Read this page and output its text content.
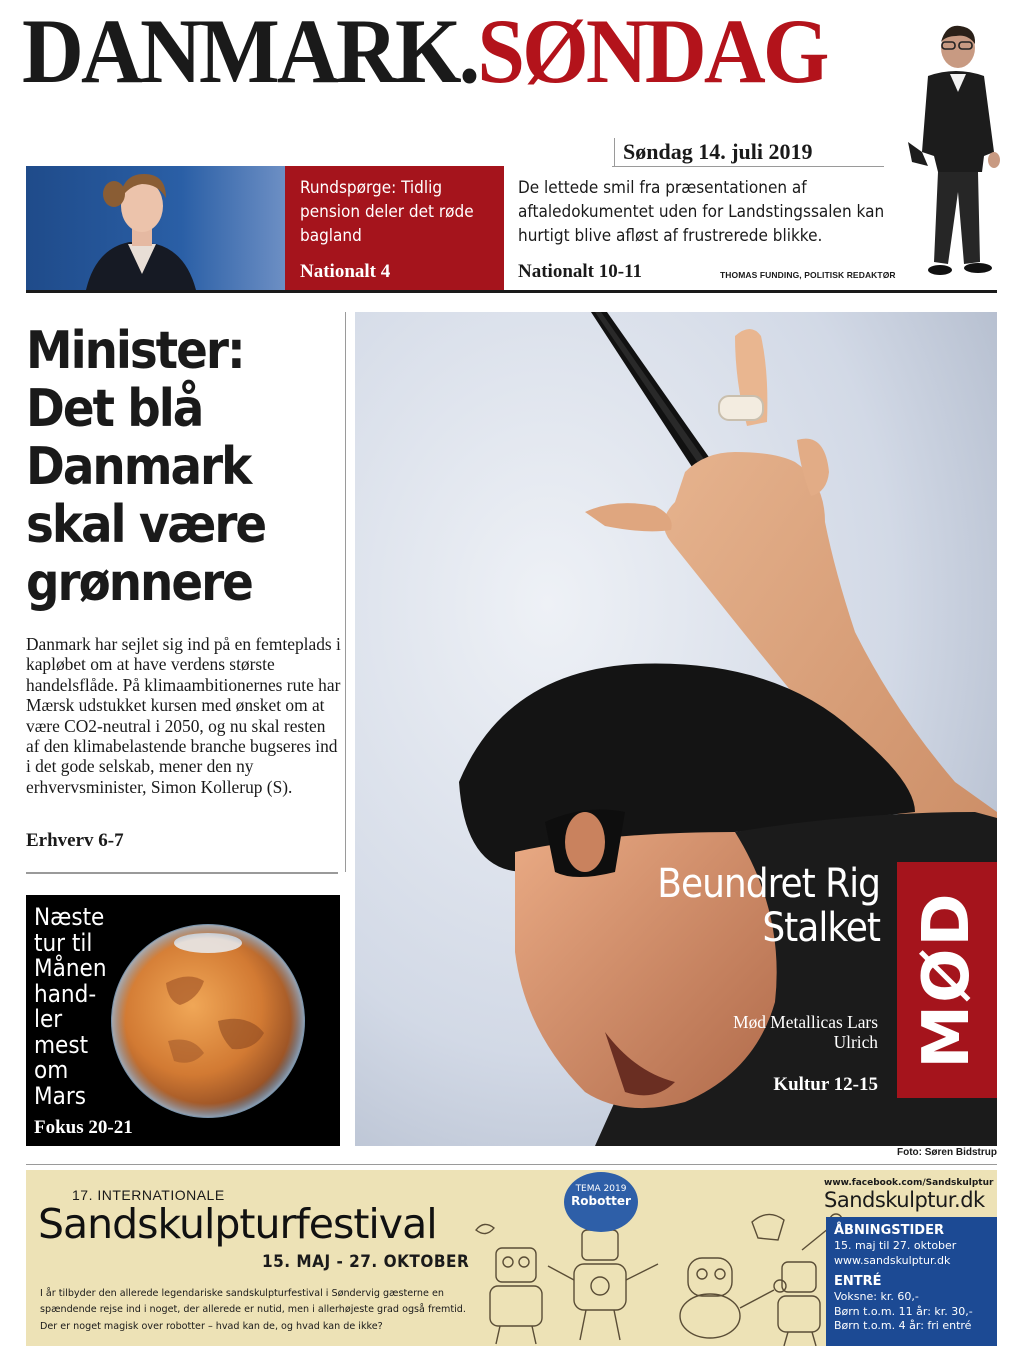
DANMARK.SØNDAG
Søndag 14. juli 2019
Rundspørge: Tidlig pension deler det røde bagland
Nationalt 4
De lettede smil fra præsentationen af aftaledokumentet uden for Landstingssalen kan hurtigt blive afløst af frustrerede blikke.
Nationalt 10-11	THOMAS FUNDING, POLITISK REDAKTØR
Minister: Det blå Danmark skal være grønnere
Danmark har sejlet sig ind på en femteplads i kapløbet om at have verdens største handelsflåde. På klimaambitionernes rute har Mærsk udstukket kursen med ønsket om at være CO2-neutral i 2050, og nu skal resten af den klimabelastende branche bugseres ind i det gode selskab, mener den ny erhvervsminister, Simon Kollerup (S).
Erhverv 6-7
Næste tur til Månen hand-ler mest om Mars
Fokus 20-21
Beundret Rig Stalket
Mød Metallicas Lars Ulrich
Kultur 12-15
MØD
Foto: Søren Bidstrup
17. INTERNATIONALE
Sandskulpturfestival
15. MAJ - 27. OKTOBER
I år tilbyder den allerede legendariske sandskulpturfestival i Søndervig gæsterne en spændende rejse ind i noget, der allerede er nutid, men i allerhøjeste grad også fremtid. Der er noget magisk over robotter – hvad kan de, og hvad kan de ikke?
TEMA 2019
Robotter
www.facebook.com/Sandskulptur
Sandskulptur.dk
ÅBNINGSTIDER
15. maj til 27. oktober
www.sandskulptur.dk
ENTRÉ
Voksne: kr. 60,-
Børn t.o.m. 11 år: kr. 30,-
Børn t.o.m. 4 år: fri entré
